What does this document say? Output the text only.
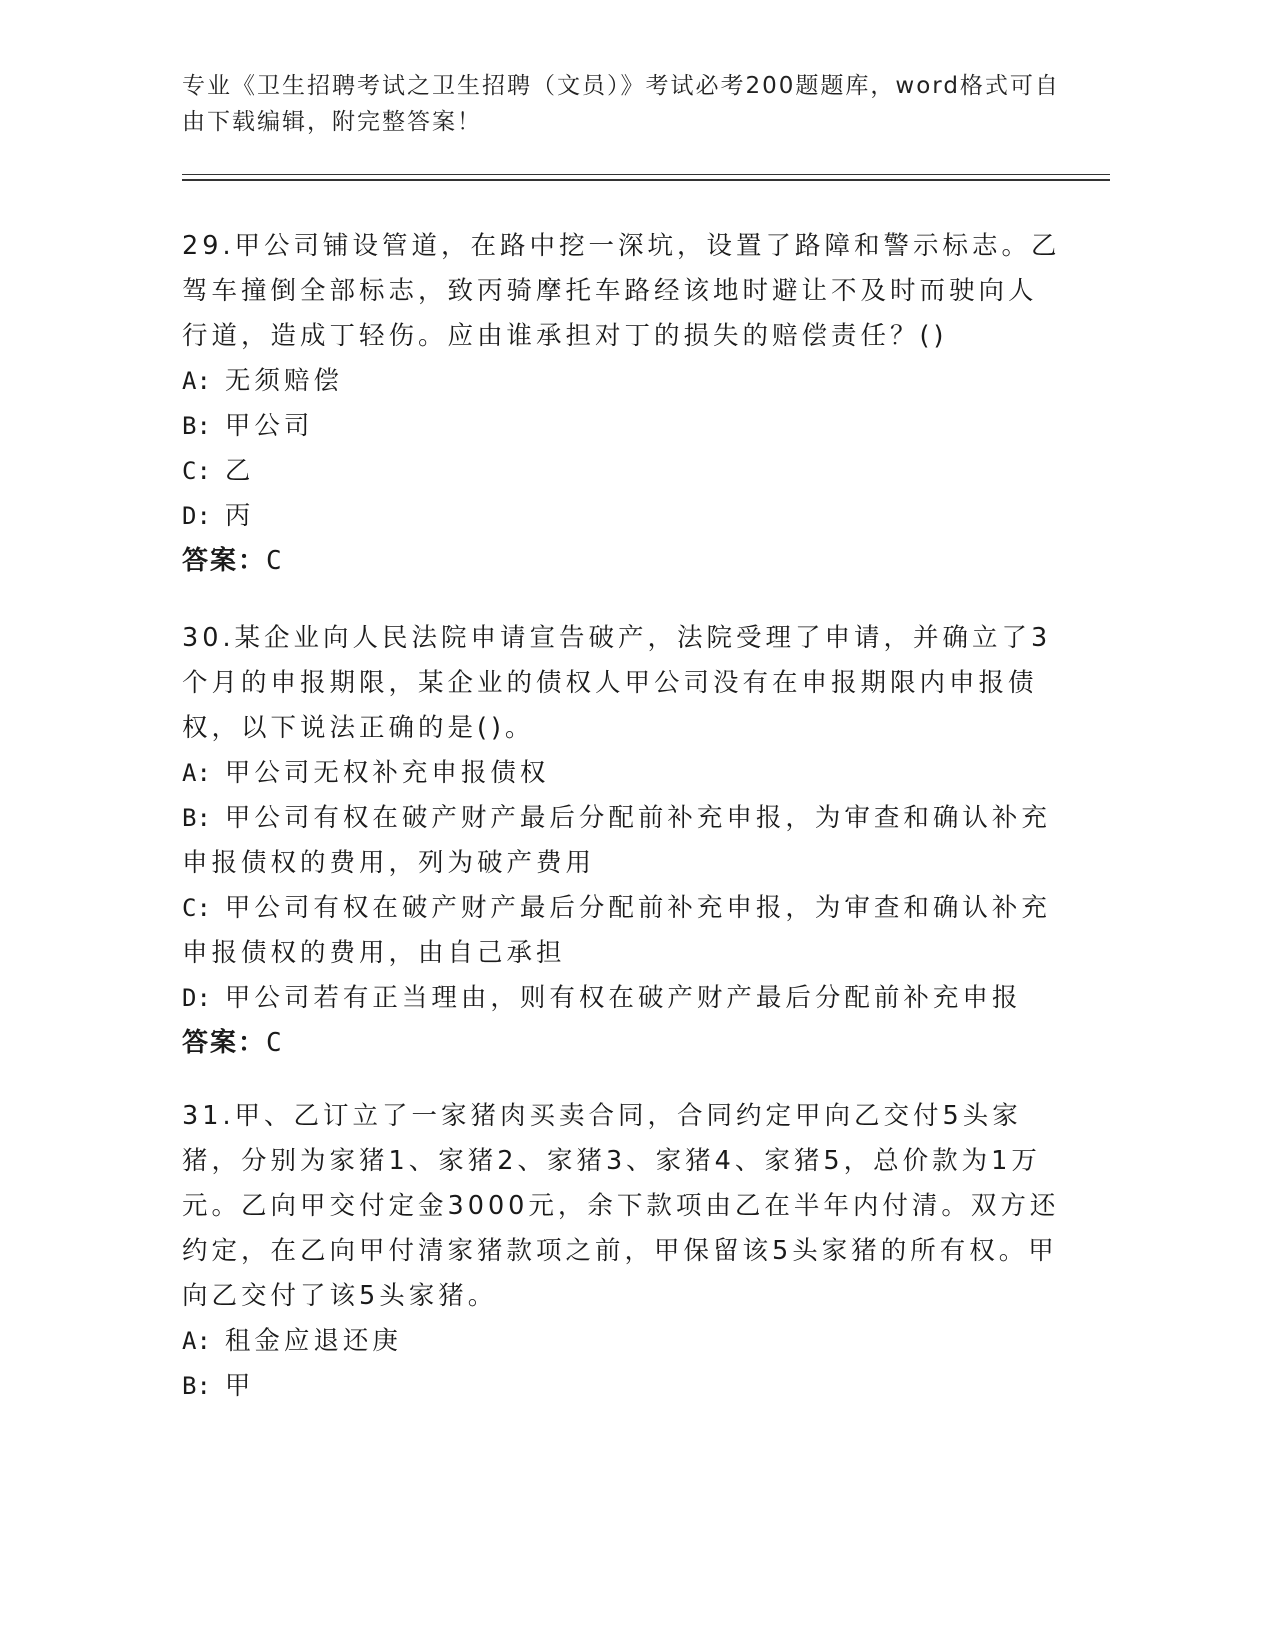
专业《卫生招聘考试之卫生招聘（文员）》考试必考200题题库，word格式可自由下载编辑，附完整答案！

29.甲公司铺设管道，在路中挖一深坑，设置了路障和警示标志。乙驾车撞倒全部标志，致丙骑摩托车路经该地时避让不及时而驶向人行道，造成丁轻伤。应由谁承担对丁的损失的赔偿责任？()

A: 无须赔偿

B: 甲公司

C: 乙

D: 丙

答案：C

30.某企业向人民法院申请宣告破产，法院受理了申请，并确立了3个月的申报期限，某企业的债权人甲公司没有在申报期限内申报债权，以下说法正确的是()。

A: 甲公司无权补充申报债权

B: 甲公司有权在破产财产最后分配前补充申报，为审查和确认补充申报债权的费用，列为破产费用

C: 甲公司有权在破产财产最后分配前补充申报，为审查和确认补充申报债权的费用，由自己承担

D: 甲公司若有正当理由，则有权在破产财产最后分配前补充申报

答案：C

31.甲、乙订立了一家猪肉买卖合同，合同约定甲向乙交付5头家猪，分别为家猪1、家猪2、家猪3、家猪4、家猪5，总价款为1万元。乙向甲交付定金3000元，余下款项由乙在半年内付清。双方还约定，在乙向甲付清家猪款项之前，甲保留该5头家猪的所有权。甲向乙交付了该5头家猪。

A: 租金应退还庚

B: 甲
